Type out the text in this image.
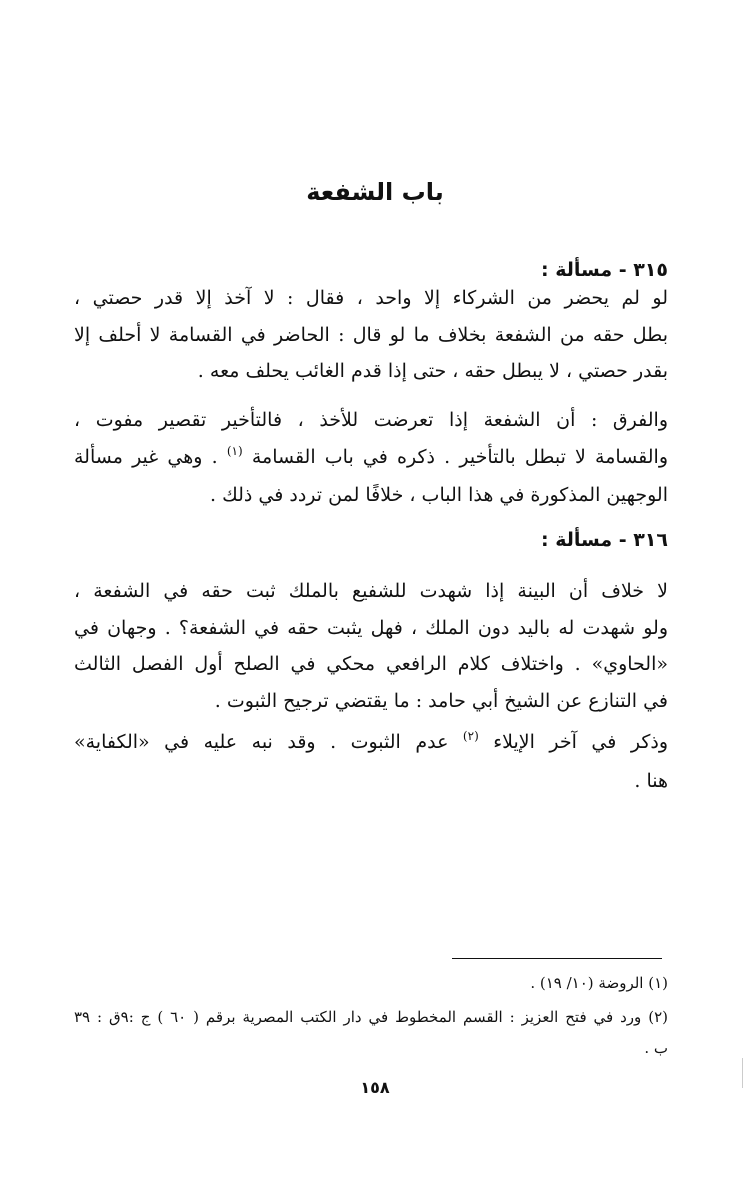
باب الشفعة
٣١٥ - مسألة :

لو لم يحضر من الشركاء إلا واحد ، فقال : لا آخذ إلا قدر حصتي ،
بطل حقه من الشفعة بخلاف ما لو قال : الحاضر في القسامة لا أحلف إلا
بقدر حصتي ، لا يبطل حقه ، حتى إذا قدم الغائب يحلف معه .

والفرق : أن الشفعة إذا تعرضت للأخذ ، فالتأخير تقصير مفوت ،
والقسامة لا تبطل بالتأخير . ذكره في باب القسامة $^{(١)}$ . وهي غير مسألة
الوجهين المذكورة في هذا الباب ، خلافًا لمن تردد في ذلك .

٣١٦ - مسألة :

لا خلاف أن البينة إذا شهدت للشفيع بالملك ثبت حقه في الشفعة ،
ولو شهدت له باليد دون الملك ، فهل يثبت حقه في الشفعة؟ . وجهان في
«الحاوي» . واختلاف كلام الرافعي محكي في الصلح أول الفصل الثالث
في التنازع عن الشيخ أبي حامد : ما يقتضي ترجيح الثبوت .

وذكر في آخر الإيلاء $^{(٢)}$ عدم الثبوت . وقد نبه عليه في «الكفاية»
هنا .

(١) الروضة (١٠/ ١٩) .

(٢) ورد في فتح العزيز : القسم المخطوط في دار الكتب المصرية برقم ( ٦٠ ) ج :٩ق : ٣٩
ب .

١٥٨
